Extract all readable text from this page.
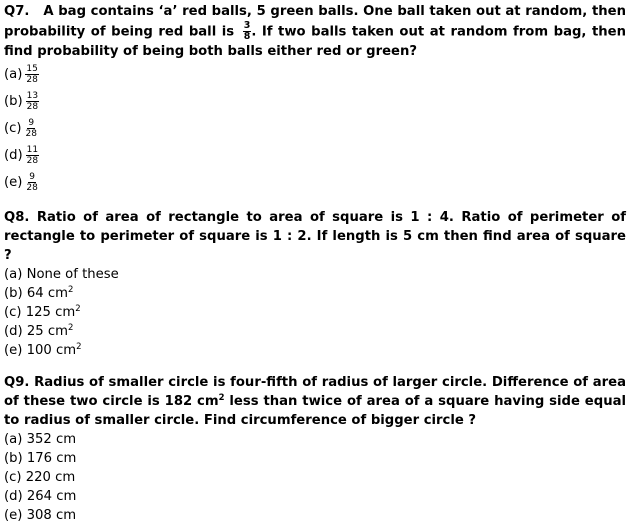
Q7. A bag contains ‘a’ red balls, 5 green balls. One ball taken out at random, then probability of being red ball is $\frac{3}{8}$ . If two balls taken out at random from bag, then find probability of being both balls either red or green?
$(a) \frac{15}{28}$
$(b) \frac{13}{28}$
$(c) \frac{9}{28}$
$(d) \frac{11}{28}$
$(e) \frac{9}{28}$
Q8. Ratio of area of rectangle to area of square is 1 : 4. Ratio of perimeter of rectangle to perimeter of square is 1 : 2. If length is 5 cm then find area of square ?
(a) None of these
(b) 64 $cm^2$
(c) 125 $cm^2$
(d) 25 $cm^2$
(e) 100 $cm^2$
Q9. Radius of smaller circle is four-fifth of radius of larger circle. Difference of area of these two circle is 182 $cm^2$ less than twice of area of a square having side equal to radius of smaller circle. Find circumference of bigger circle ?
(a) 352 cm
(b) 176 cm
(c) 220 cm
(d) 264 cm
(e) 308 cm
